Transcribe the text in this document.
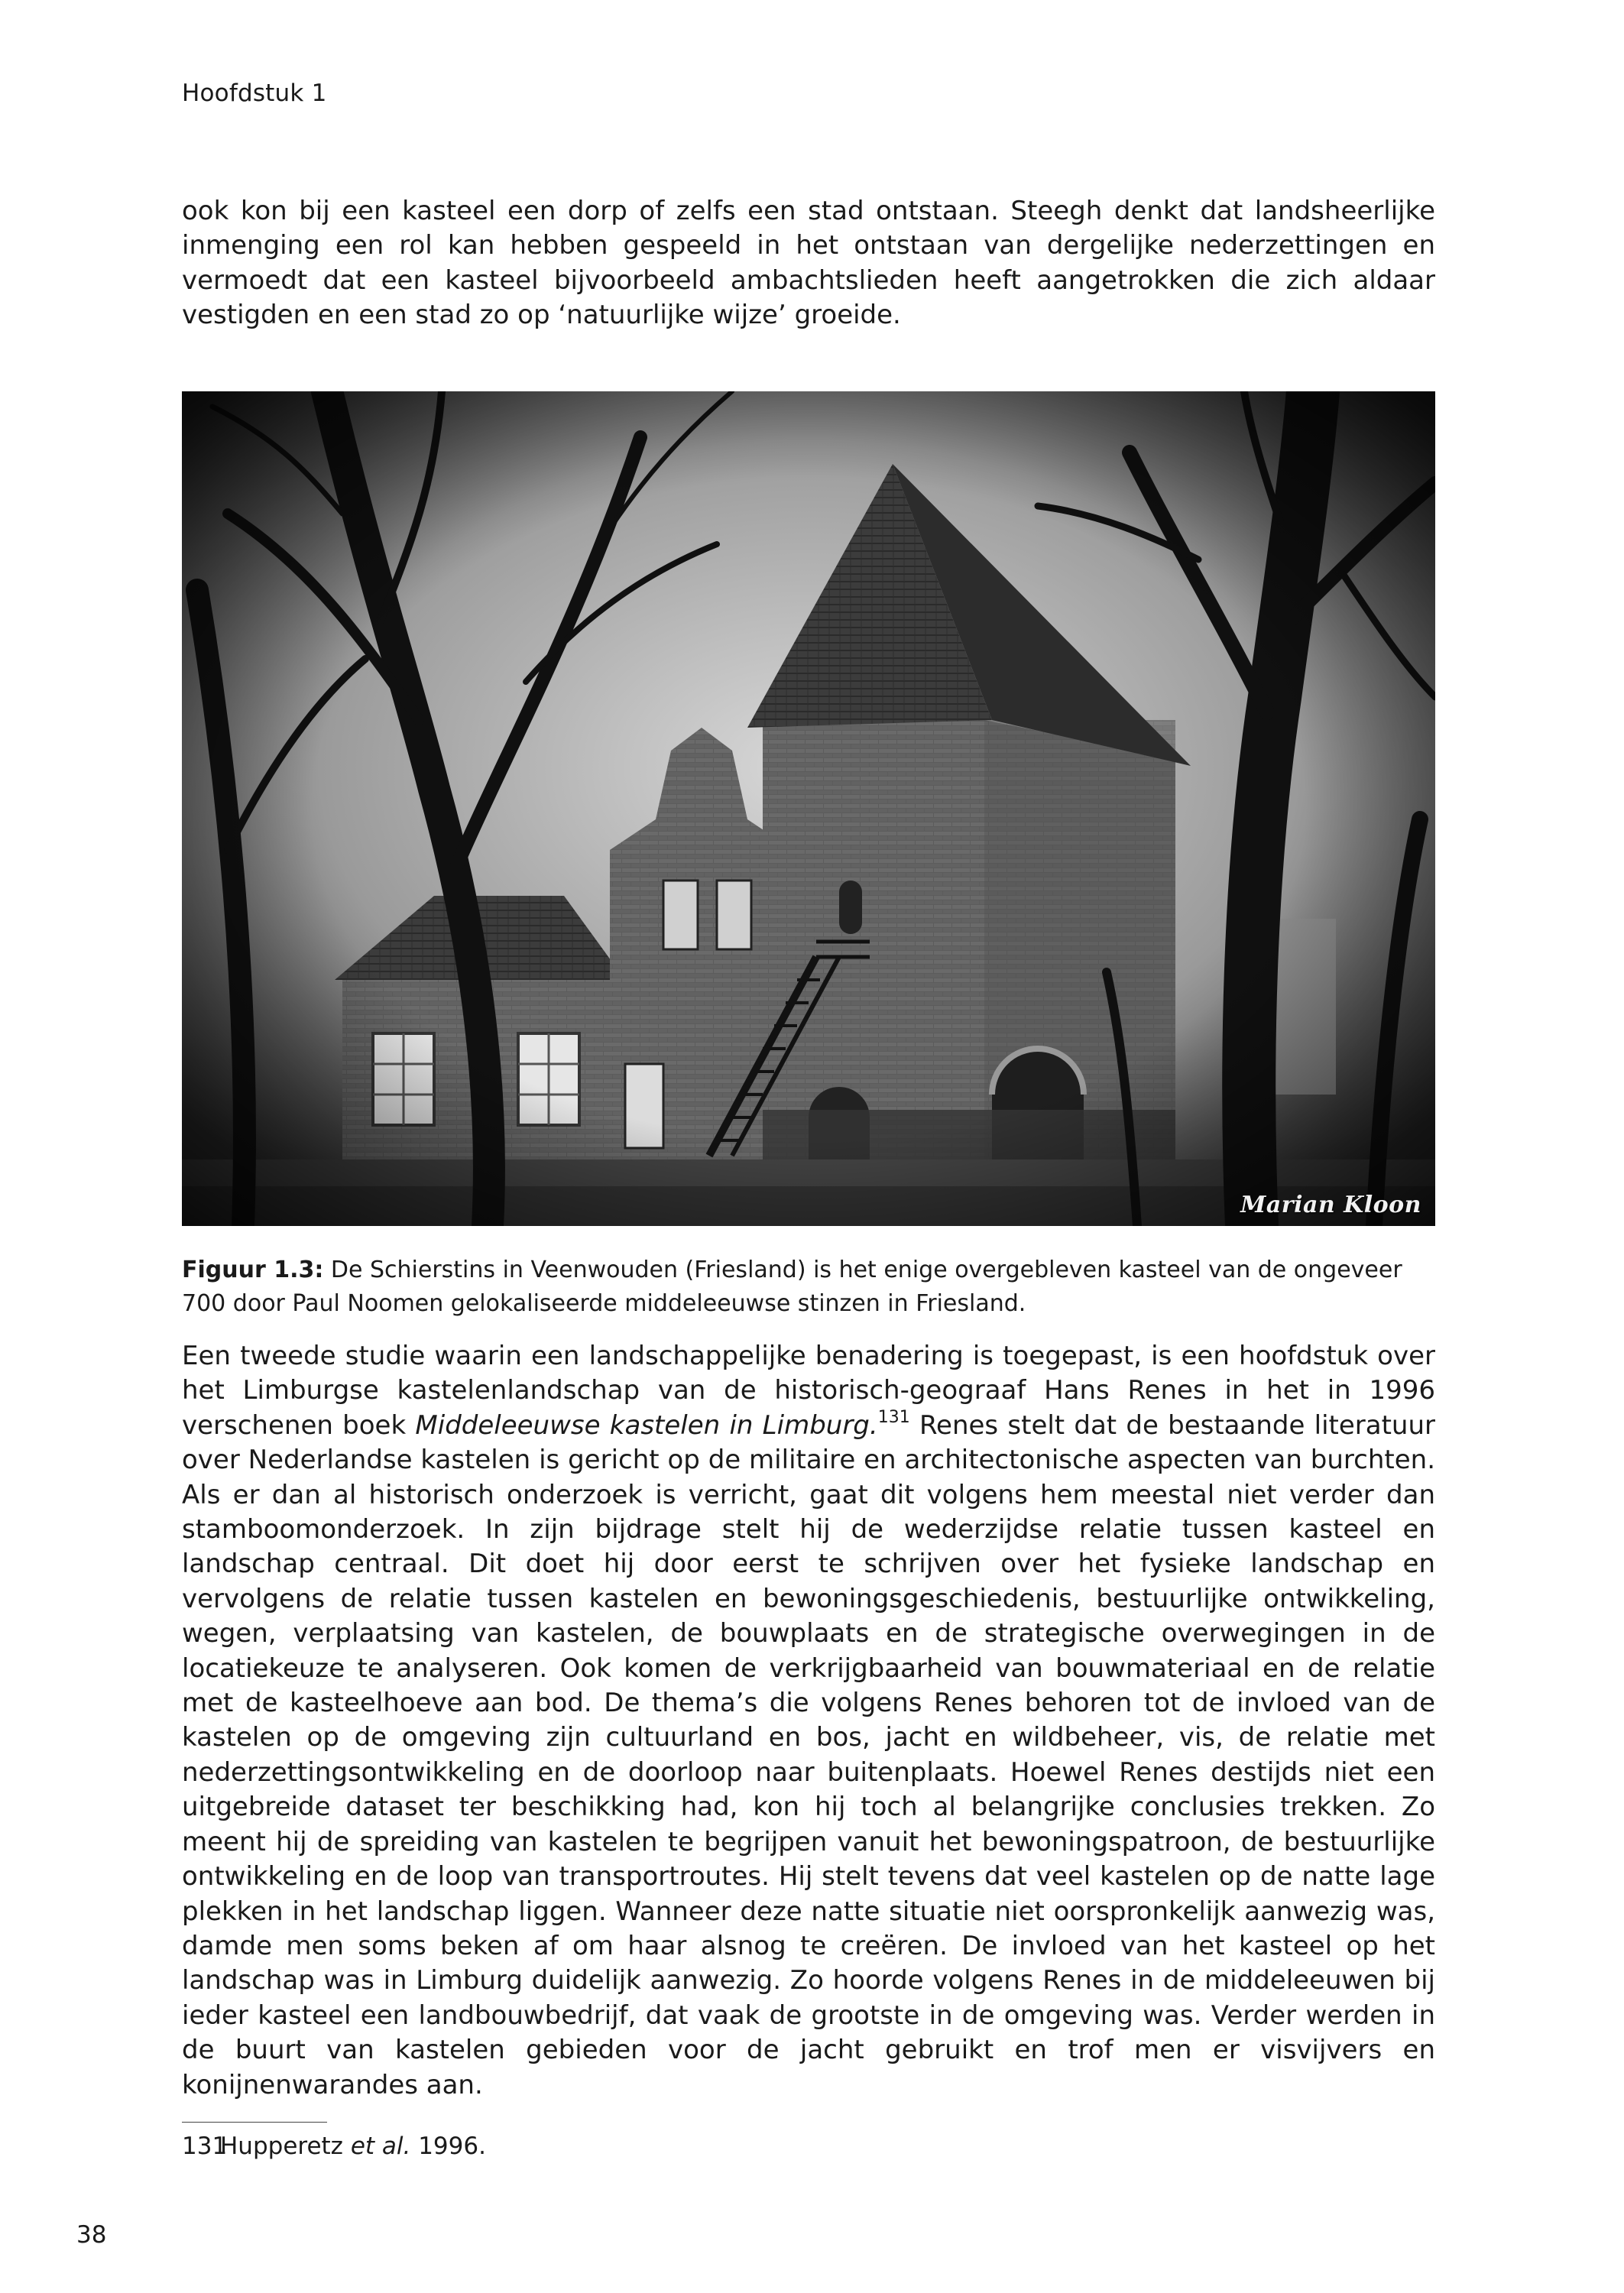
Hoofdstuk 1

ook kon bij een kasteel een dorp of zelfs een stad ontstaan. Steegh denkt dat landsheerlijke inmenging een rol kan hebben gespeeld in het ontstaan van dergelijke nederzettingen en vermoedt dat een kasteel bijvoorbeeld ambachtslieden heeft aangetrokken die zich aldaar vestigden en een stad zo op ‘natuurlijke wijze’ groeide.

Marian Kloon

Figuur 1.3: De Schierstins in Veenwouden (Friesland) is het enige overgebleven kasteel van de ongeveer 700 door Paul Noomen gelokaliseerde middeleeuwse stinzen in Friesland.

Een tweede studie waarin een landschappelijke benadering is toegepast, is een hoofdstuk over het Limburgse kastelenlandschap van de historisch-geograaf Hans Renes in het in 1996 verschenen boek Middeleeuwse kastelen in Limburg.$^{131}$ Renes stelt dat de bestaande literatuur over Nederlandse kastelen is gericht op de militaire en architectonische aspecten van burchten. Als er dan al historisch onderzoek is verricht, gaat dit volgens hem meestal niet verder dan stamboomonderzoek. In zijn bijdrage stelt hij de wederzijdse relatie tussen kasteel en landschap centraal. Dit doet hij door eerst te schrijven over het fysieke landschap en vervolgens de relatie tussen kastelen en bewoningsgeschiedenis, bestuurlijke ontwikkeling, wegen, verplaatsing van kastelen, de bouwplaats en de strategische overwegingen in de locatiekeuze te analyseren. Ook komen de verkrijgbaarheid van bouwmateriaal en de relatie met de kasteelhoeve aan bod. De thema’s die volgens Renes behoren tot de invloed van de kastelen op de omgeving zijn cultuurland en bos, jacht en wildbeheer, vis, de relatie met nederzettingsontwikkeling en de doorloop naar buitenplaats. Hoewel Renes destijds niet een uitgebreide dataset ter beschikking had, kon hij toch al belangrijke conclusies trekken. Zo meent hij de spreiding van kastelen te begrijpen vanuit het bewoningspatroon, de bestuurlijke ontwikkeling en de loop van transportroutes. Hij stelt tevens dat veel kastelen op de natte lage plekken in het landschap liggen. Wanneer deze natte situatie niet oorspronkelijk aanwezig was, damde men soms beken af om haar alsnog te creëren. De invloed van het kasteel op het landschap was in Limburg duidelijk aanwezig. Zo hoorde volgens Renes in de middeleeuwen bij ieder kasteel een landbouwbedrijf, dat vaak de grootste in de omgeving was. Verder werden in de buurt van kastelen gebieden voor de jacht gebruikt en trof men er visvijvers en konijnenwarandes aan.

131Hupperetz et al. 1996.
38
